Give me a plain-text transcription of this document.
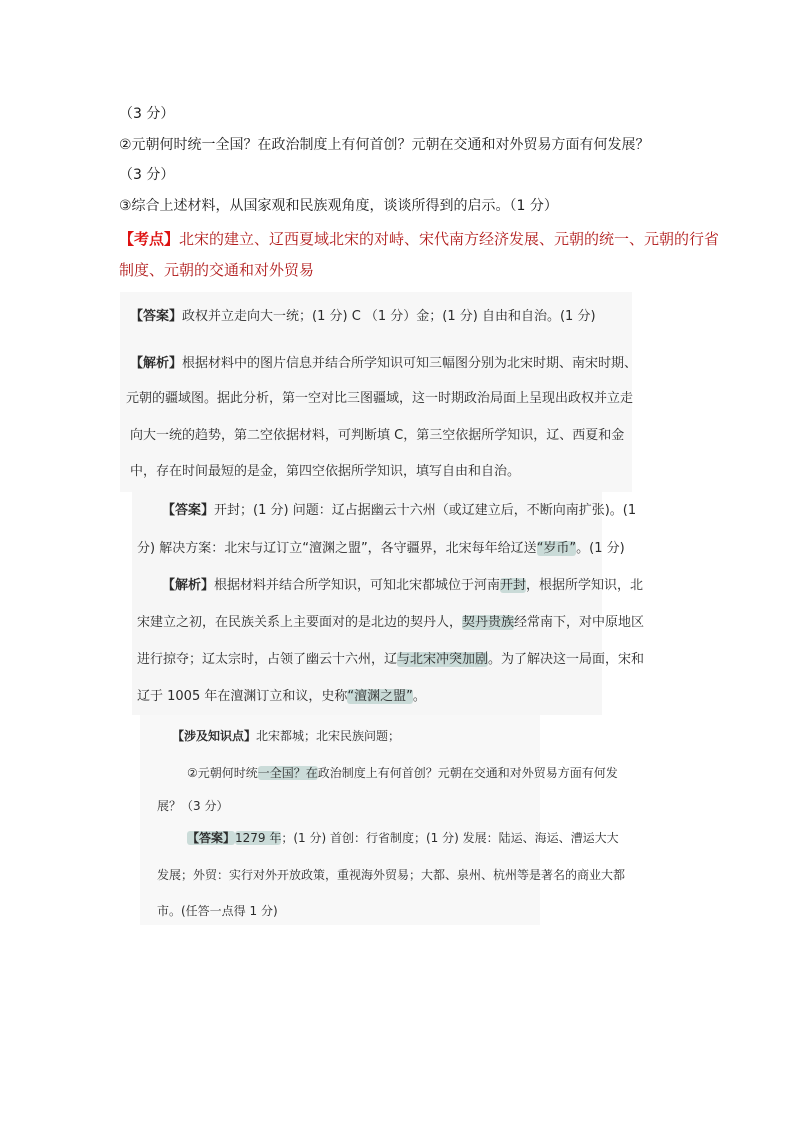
（3 分）
②元朝何时统一全国？在政治制度上有何首创？元朝在交通和对外贸易方面有何发展？
（3 分）
③综合上述材料，从国家观和民族观角度，谈谈所得到的启示。（1 分）
【考点】北宋的建立、辽西夏域北宋的对峙、宋代南方经济发展、元朝的统一、元朝的行省
制度、元朝的交通和对外贸易
【答案】政权并立走向大一统；(1 分) C （1 分）金；(1 分) 自由和自治。(1 分)
【解析】根据材料中的图片信息并结合所学知识可知三幅图分别为北宋时期、南宋时期、
元朝的疆域图。据此分析，第一空对比三图疆域，这一时期政治局面上呈现出政权并立走
向大一统的趋势，第二空依据材料，可判断填 C，第三空依据所学知识，辽、西夏和金
中，存在时间最短的是金，第四空依据所学知识，填写自由和自治。
【答案】开封；(1 分) 问题：辽占据幽云十六州（或辽建立后，不断向南扩张)。(1
分) 解决方案：北宋与辽订立“澶渊之盟”，各守疆界，北宋每年给辽送“岁币”。(1 分)
【解析】根据材料并结合所学知识，可知北宋都城位于河南开封，根据所学知识，北
宋建立之初，在民族关系上主要面对的是北边的契丹人，契丹贵族经常南下，对中原地区
进行掠夺；辽太宗时，占领了幽云十六州，辽与北宋冲突加剧。为了解决这一局面，宋和
辽于 1005 年在澶渊订立和议，史称“澶渊之盟”。
【涉及知识点】北宋都城；北宋民族问题；
②元朝何时统一全国？在政治制度上有何首创？元朝在交通和对外贸易方面有何发
展？（3 分）
【答案】1279 年；(1 分) 首创：行省制度；(1 分) 发展：陆运、海运、漕运大大
发展；外贸：实行对外开放政策，重视海外贸易；大都、泉州、杭州等是著名的商业大都
市。(任答一点得 1 分)
